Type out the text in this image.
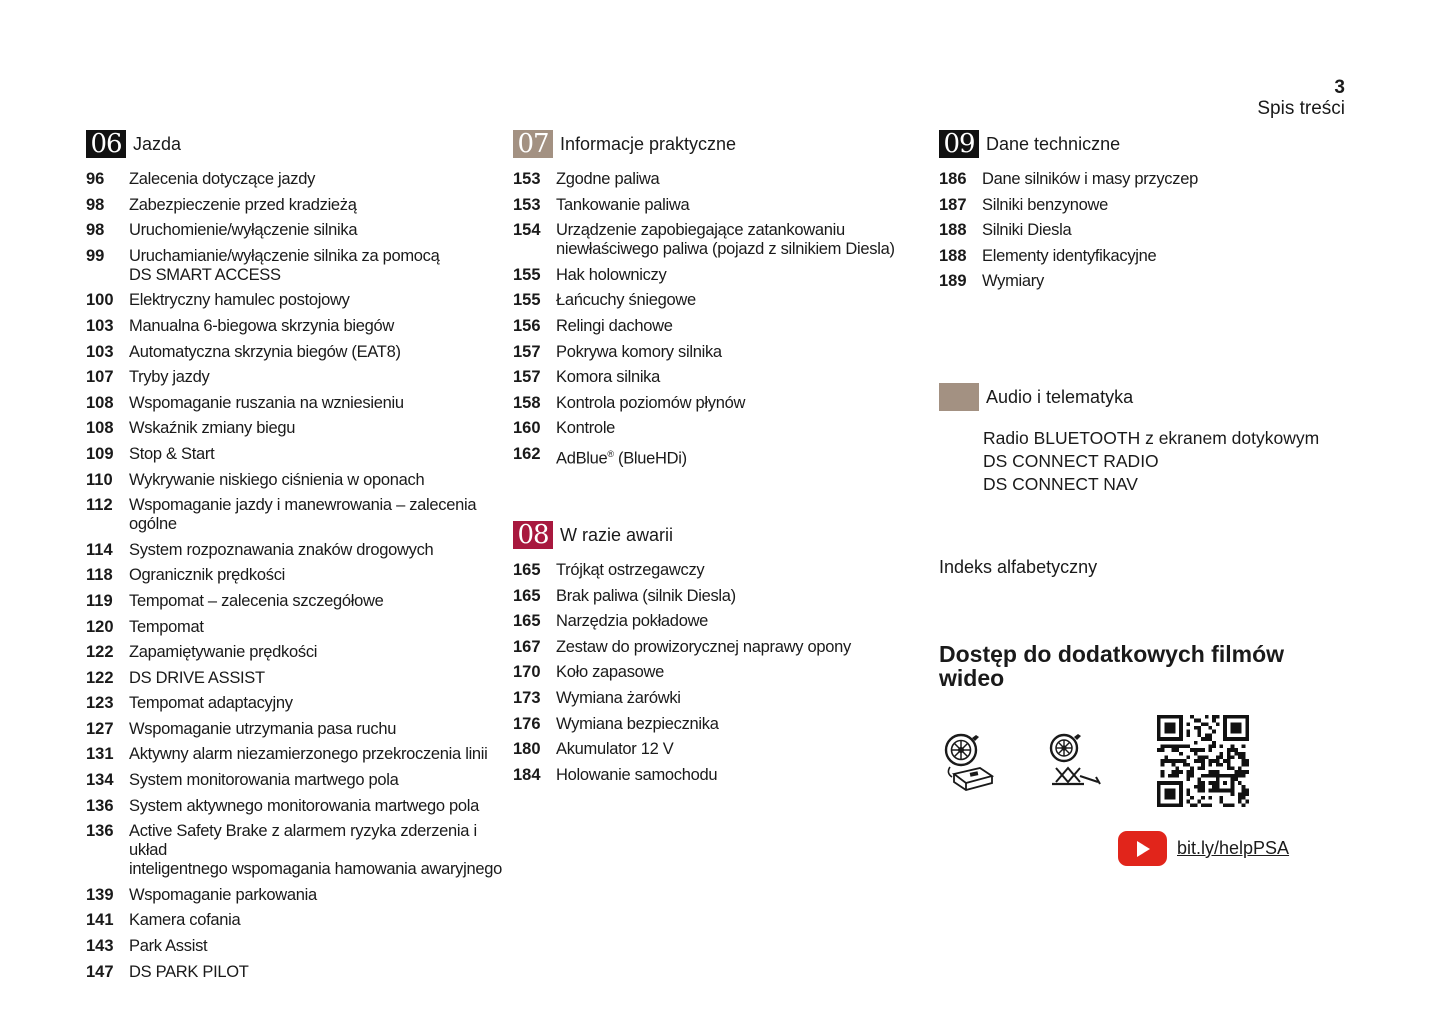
3
Spis treści
06 Jazda
96	Zalecenia dotyczące jazdy
98	Zabezpieczenie przed kradzieżą
98	Uruchomienie/wyłączenie silnika
99	Uruchamianie/wyłączenie silnika za pomocą
DS SMART ACCESS
100 Elektryczny hamulec postojowy
103 Manualna 6-biegowa skrzynia biegów
103 Automatyczna skrzynia biegów (EAT8)
107 Tryby jazdy
108 Wspomaganie ruszania na wzniesieniu
108 Wskaźnik zmiany biegu
109 Stop & Start
110 Wykrywanie niskiego ciśnienia w oponach
112 Wspomaganie jazdy i manewrowania – zalecenia ogólne
114 System rozpoznawania znaków drogowych
118 Ogranicznik prędkości
119 Tempomat – zalecenia szczegółowe
120 Tempomat
122 Zapamiętywanie prędkości
122 DS DRIVE ASSIST
123 Tempomat adaptacyjny
127 Wspomaganie utrzymania pasa ruchu
131 Aktywny alarm niezamierzonego przekroczenia linii
134 System monitorowania martwego pola
136 System aktywnego monitorowania martwego pola
136 Active Safety Brake z alarmem ryzyka zderzenia i układ
inteligentnego wspomagania hamowania awaryjnego
139 Wspomaganie parkowania
141 Kamera cofania
143 Park Assist
147 DS PARK PILOT
07 Informacje praktyczne
153 Zgodne paliwa
153 Tankowanie paliwa
154 Urządzenie zapobiegające zatankowaniu
niewłaściwego paliwa (pojazd z silnikiem Diesla)
155 Hak holowniczy
155 Łańcuchy śniegowe
156 Relingi dachowe
157 Pokrywa komory silnika
157 Komora silnika
158 Kontrola poziomów płynów
160 Kontrole
162 AdBlue® (BlueHDi)
08 W razie awarii
165 Trójkąt ostrzegawczy
165 Brak paliwa (silnik Diesla)
165 Narzędzia pokładowe
167 Zestaw do prowizorycznej naprawy opony
170 Koło zapasowe
173 Wymiana żarówki
176 Wymiana bezpiecznika
180 Akumulator 12 V
184 Holowanie samochodu
09 Dane techniczne
186 Dane silników i masy przyczep
187 Silniki benzynowe
188 Silniki Diesla
188 Elementy identyfikacyjne
189 Wymiary
Audio i telematyka
Radio BLUETOOTH z ekranem dotykowym
DS CONNECT RADIO
DS CONNECT NAV
Indeks alfabetyczny
Dostęp do dodatkowych filmów wideo
bit.ly/helpPSA
